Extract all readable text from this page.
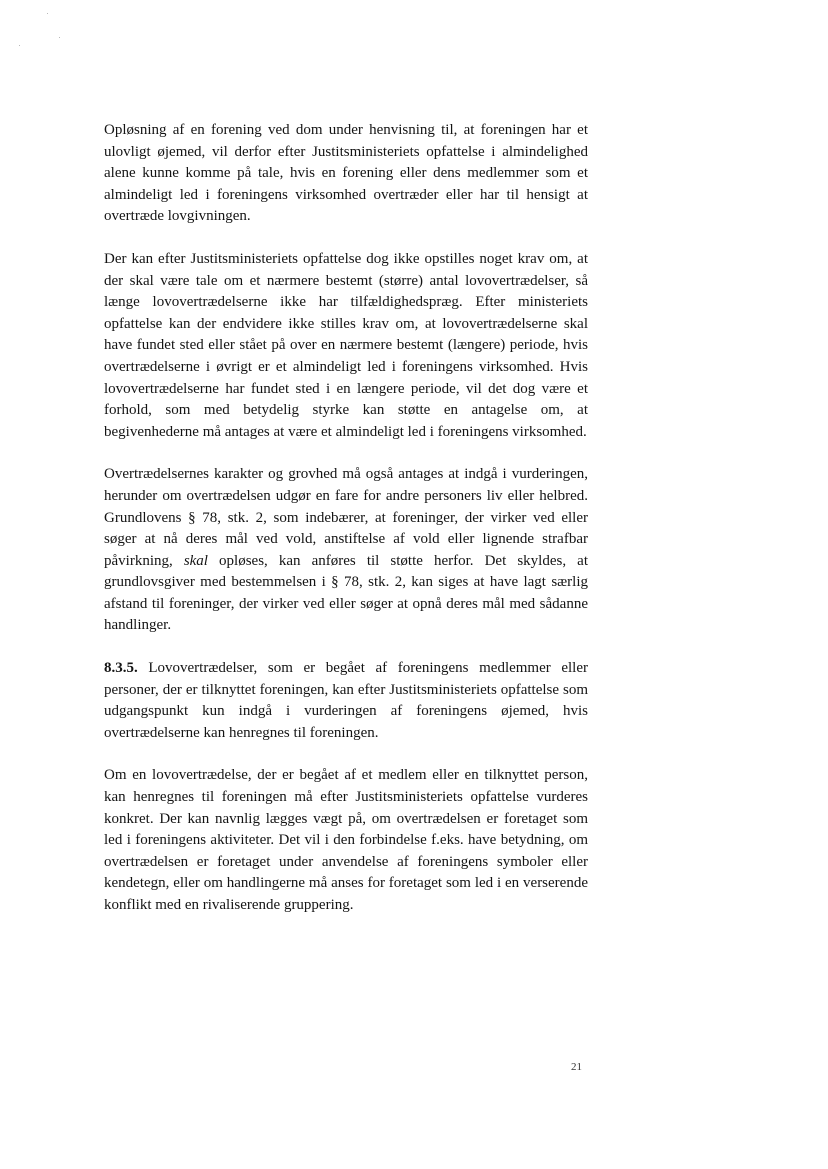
Opløsning af en forening ved dom under henvisning til, at foreningen har et ulovligt øjemed, vil derfor efter Justitsministeriets opfattelse i almindelighed alene kunne komme på tale, hvis en forening eller dens medlemmer som et almindeligt led i foreningens virksomhed overtræder eller har til hensigt at overtræde lovgivningen.

Der kan efter Justitsministeriets opfattelse dog ikke opstilles noget krav om, at der skal være tale om et nærmere bestemt (større) antal lovovertrædelser, så længe lovovertrædelserne ikke har tilfældighedspræg. Efter ministeriets opfattelse kan der endvidere ikke stilles krav om, at lovovertrædelserne skal have fundet sted eller stået på over en nærmere bestemt (længere) periode, hvis overtrædelserne i øvrigt er et almindeligt led i foreningens virksomhed. Hvis lovovertrædelserne har fundet sted i en længere periode, vil det dog være et forhold, som med betydelig styrke kan støtte en antagelse om, at begivenhederne må antages at være et almindeligt led i foreningens virksomhed.

Overtrædelsernes karakter og grovhed må også antages at indgå i vurderingen, herunder om overtrædelsen udgør en fare for andre personers liv eller helbred. Grundlovens § 78, stk. 2, som indebærer, at foreninger, der virker ved eller søger at nå deres mål ved vold, anstiftelse af vold eller lignende strafbar påvirkning, skal opløses, kan anføres til støtte herfor. Det skyldes, at grundlovsgiver med bestemmelsen i § 78, stk. 2, kan siges at have lagt særlig afstand til foreninger, der virker ved eller søger at opnå deres mål med sådanne handlinger.

8.3.5. Lovovertrædelser, som er begået af foreningens medlemmer eller personer, der er tilknyttet foreningen, kan efter Justitsministeriets opfattelse som udgangspunkt kun indgå i vurderingen af foreningens øjemed, hvis overtrædelserne kan henregnes til foreningen.

Om en lovovertrædelse, der er begået af et medlem eller en tilknyttet person, kan henregnes til foreningen må efter Justitsministeriets opfattelse vurderes konkret. Der kan navnlig lægges vægt på, om overtrædelsen er foretaget som led i foreningens aktiviteter. Det vil i den forbindelse f.eks. have betydning, om overtrædelsen er foretaget under anvendelse af foreningens symboler eller kendetegn, eller om handlingerne må anses for foretaget som led i en verserende konflikt med en rivaliserende gruppering.

21
